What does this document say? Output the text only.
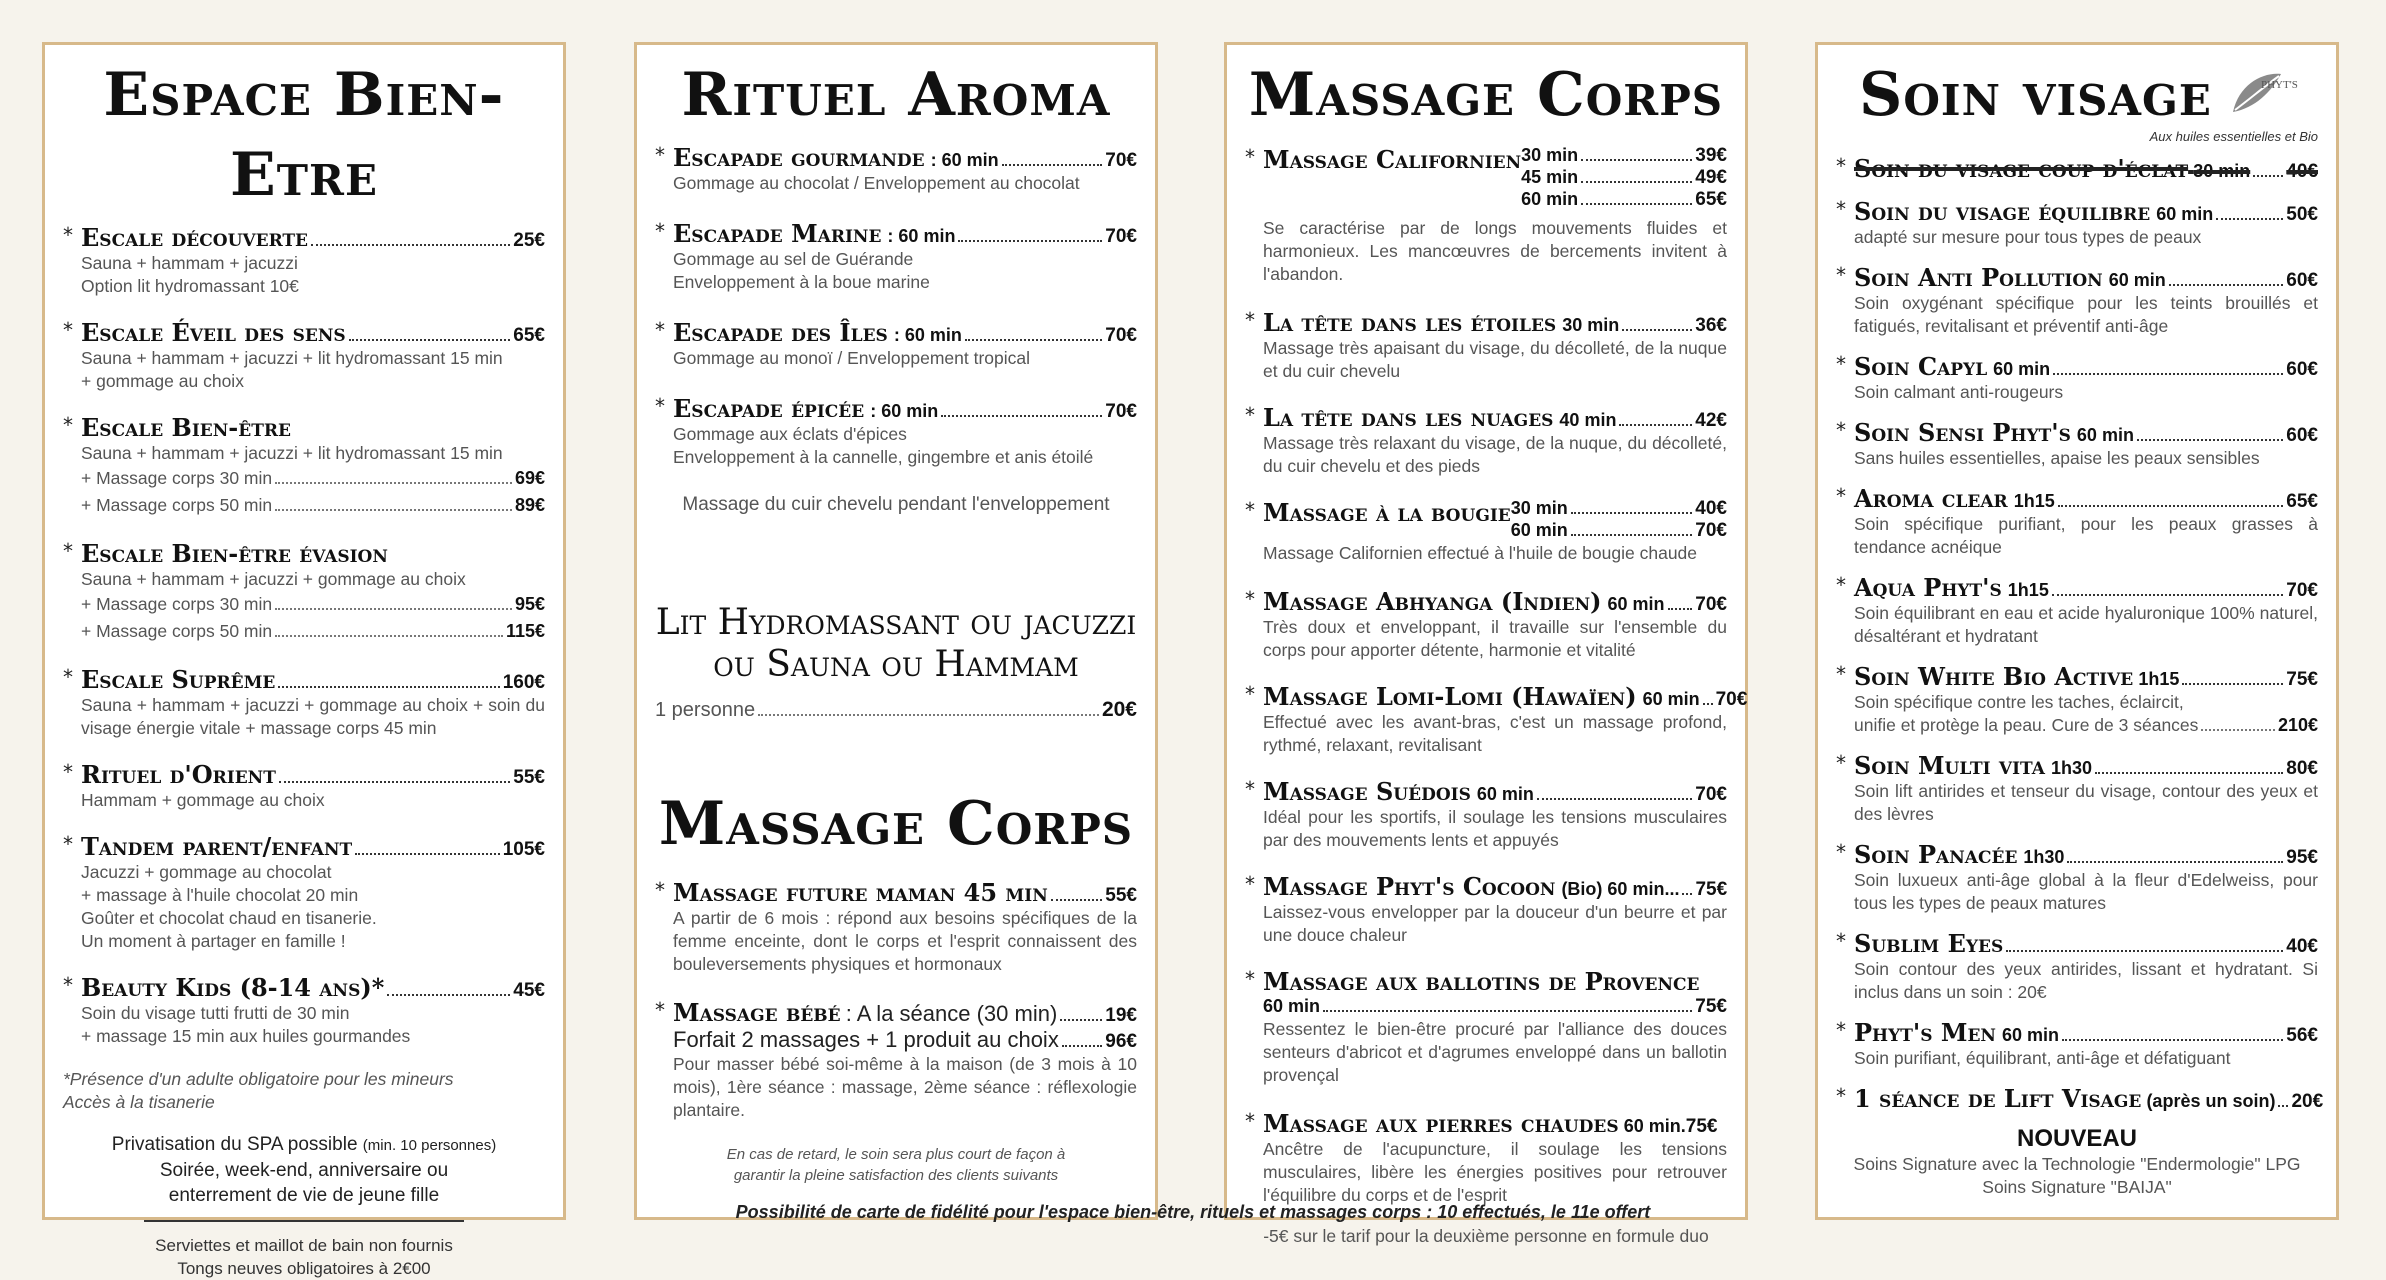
Espace Bien-Etre
* Escale découverte	25€
Sauna + hammam + jacuzzi
Option lit hydromassant 10€
* Escale Éveil des sens	65€
Sauna + hammam + jacuzzi + lit hydromassant 15 min
+ gommage au choix
* Escale Bien-être
Sauna + hammam + jacuzzi + lit hydromassant 15 min
+ Massage corps 30 min	69€
+ Massage corps 50 min	89€
* Escale Bien-être évasion
Sauna + hammam + jacuzzi + gommage au choix
+ Massage corps 30 min	95€
+ Massage corps 50 min	115€
* Escale Suprême	160€
Sauna + hammam + jacuzzi + gommage au choix + soin du visage énergie vitale + massage corps 45 min
* Rituel d'Orient	55€
Hammam + gommage au choix
* Tandem parent/enfant	105€
Jacuzzi + gommage au chocolat
+ massage à l'huile chocolat 20 min
Goûter et chocolat chaud en tisanerie.
Un moment à partager en famille !
* Beauty Kids (8-14 ans)*	45€
Soin du visage tutti frutti de 30 min
+ massage 15 min aux huiles gourmandes
*Présence d'un adulte obligatoire pour les mineurs
Accès à la tisanerie
Privatisation du SPA possible (min. 10 personnes)
Soirée, week-end, anniversaire ou
enterrement de vie de jeune fille
Serviettes et maillot de bain non fournis
Tongs neuves obligatoires à 2€00
Rituel Aroma
* Escapade gourmande : 60 min	70€
Gommage au chocolat / Enveloppement au chocolat
* Escapade Marine : 60 min	70€
Gommage au sel de Guérande
Enveloppement à la boue marine
* Escapade des Îles : 60 min	70€
Gommage au monoï / Enveloppement tropical
* Escapade épicée : 60 min	70€
Gommage aux éclats d'épices
Enveloppement à la cannelle, gingembre et anis étoilé
Massage du cuir chevelu pendant l'enveloppement
Lit Hydromassant ou jacuzzi
ou Sauna ou Hammam
1 personne	20€
Massage Corps
* Massage future maman 45 min	55€
A partir de 6 mois : répond aux besoins spécifiques de la femme enceinte, dont le corps et l'esprit connaissent des bouleversements physiques et hormonaux
* Massage bébé
: A la séance (30 min)	19€
Forfait 2 massages + 1 produit au choix 96€
Pour masser bébé soi-même à la maison (de 3 mois à 10 mois), 1ère séance : massage, 2ème séance : réflexologie plantaire.
En cas de retard, le soin sera plus court de façon à
garantir la pleine satisfaction des clients suivants
Massage Corps
* Massage Californien 30 min	39€
45 min	49€
60 min	65€
Se caractérise par de longs mouvements fluides et harmonieux. Les mancœuvres de bercements invitent à l'abandon.
* La tête dans les étoiles 30 min	36€
Massage très apaisant du visage, du décolleté, de la nuque et du cuir chevelu
* La tête dans les nuages 40 min	42€
Massage très relaxant du visage, de la nuque, du décolleté, du cuir chevelu et des pieds
* Massage à la bougie 30 min	40€
60 min	70€
Massage Californien effectué à l'huile de bougie chaude
* Massage Abhyanga (Indien) 60 min 70€
Très doux et enveloppant, il travaille sur l'ensemble du corps pour apporter détente, harmonie et vitalité
* Massage Lomi-Lomi (Hawaïen) 60 min 70€
Effectué avec les avant-bras, c'est un massage profond, rythmé, relaxant, revitalisant
* Massage Suédois 60 min	70€
Idéal pour les sportifs, il soulage les tensions musculaires par des mouvements lents et appuyés
* Massage Phyt's Cocoon (Bio) 60 min... 75€
Laissez-vous envelopper par la douceur d'un beurre et par une douce chaleur
* Massage aux ballotins de Provence
60 min	75€
Ressentez le bien-être procuré par l'alliance des douces senteurs d'abricot et d'agrumes enveloppé dans un ballotin provençal
* Massage aux pierres chaudes
60 min. 75€
Ancêtre de l'acupuncture, il soulage les tensions musculaires, libère les énergies positives pour retrouver l'équilibre du corps et de l'esprit
-5€ sur le tarif pour la deuxième personne en formule duo
Soin visage	PHYT'S
Aux huiles essentielles et Bio
* Soin du visage coup d'éclat
30 min 40€
* Soin du visage équilibre 60 min	50€
adapté sur mesure pour tous types de peaux
* Soin Anti Pollution 60 min	60€
Soin oxygénant spécifique pour les teints brouillés et fatigués, revitalisant et préventif anti-âge
* Soin Capyl 60 min	60€
Soin calmant anti-rougeurs
* Soin Sensi Phyt's 60 min	60€
Sans huiles essentielles, apaise les peaux sensibles
* Aroma clear 1h15	65€
Soin spécifique purifiant, pour les peaux grasses à tendance acnéique
* Aqua Phyt's 1h15	70€
Soin équilibrant en eau et acide hyaluronique 100% naturel, désaltérant et hydratant
* Soin White Bio Active
1h15	75€
Soin spécifique contre les taches, éclaircit,
unifie et protège la peau. Cure de 3 séances	210€
* Soin Multi vita 1h30	80€
Soin lift antirides et tenseur du visage, contour des yeux et des lèvres
* Soin Panacée 1h30	95€
Soin luxueux anti-âge global à la fleur d'Edelweiss, pour tous les types de peaux matures
* Sublim Eyes	40€
Soin contour des yeux antirides, lissant et hydratant. Si inclus dans un soin : 20€
* Phyt's Men 60 min	56€
Soin purifiant, équilibrant, anti-âge et défatiguant
* 1 séance de Lift Visage
(après un soin) 20€
NOUVEAU
Soins Signature avec la Technologie "Endermologie" LPG
Soins Signature "BAIJA"
Possibilité de carte de fidélité pour l'espace bien-être, rituels et massages corps : 10 effectués, le 11e offert
